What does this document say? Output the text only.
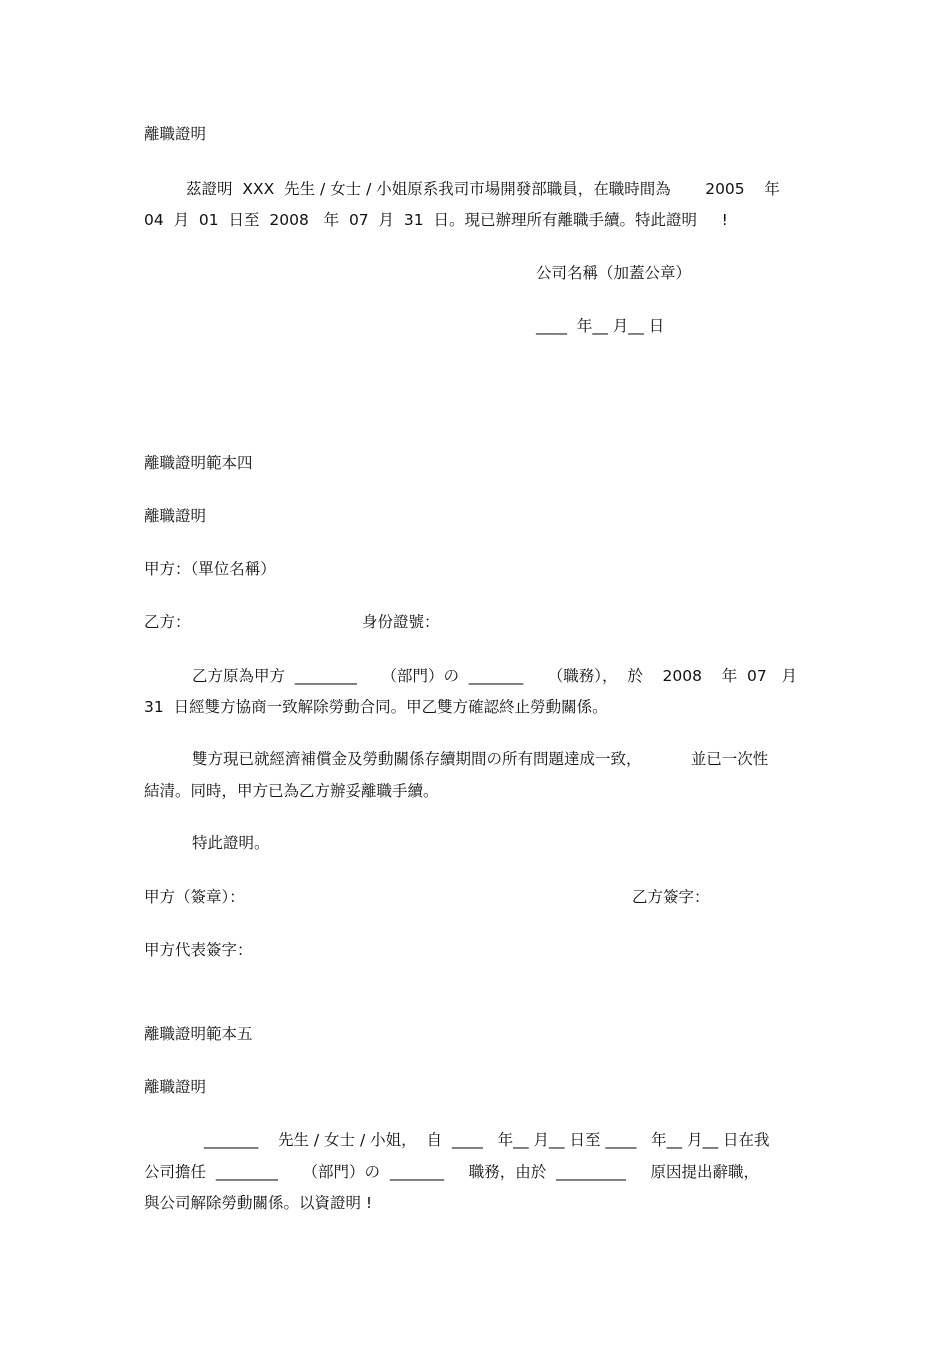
離職證明
茲證明  XXX  先生 / 女士 / 小姐原系我司市場開發部職員，在職時間為       2005    年
04  月  01  日至  2008   年  07  月  31  日。現已辦理所有離職手續。特此證明     !
公司名稱（加蓋公章）
____  年__ 月__ 日
離職證明範本四
離職證明
甲方：（單位名稱）
乙方：	身份證號：
乙方原為甲方  ________     （部門）の  _______     （職務），  於    2008    年  07   月
31  日經雙方協商一致解除勞動合同。甲乙雙方確認終止勞動關係。
雙方現已就經濟補償金及勞動關係存續期間の所有問題達成一致，          並已一次性
結清。同時，甲方已為乙方辦妥離職手續。
特此證明。
甲方（簽章）：	乙方簽字：
甲方代表簽字：
離職證明範本五
離職證明
_______    先生 / 女士 / 小姐，  自  ____   年__ 月__ 日至 ____   年__ 月__ 日在我
公司擔任  ________     （部門）の  _______     職務，由於  _________     原因提出辭職，
與公司解除勞動關係。以資證明 !
